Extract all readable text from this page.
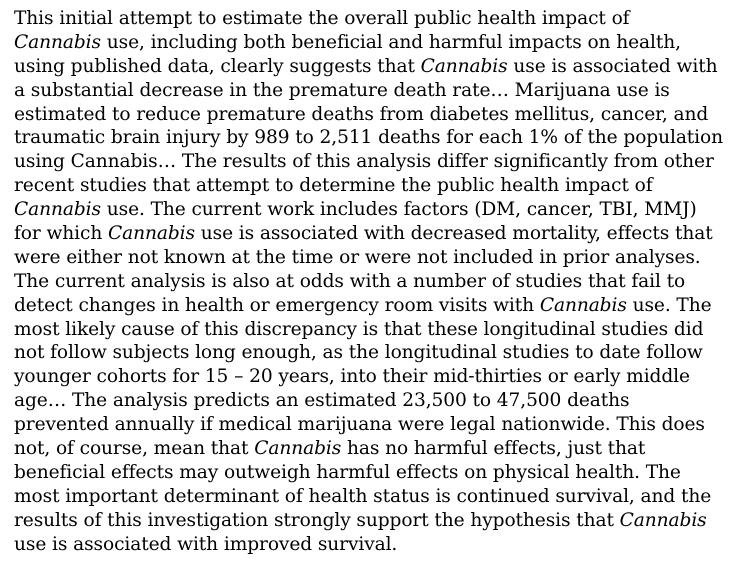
This initial attempt to estimate the overall public health impact of
Cannabis use, including both beneficial and harmful impacts on health,
using published data, clearly suggests that Cannabis use is associated with
a substantial decrease in the premature death rate… Marijuana use is
estimated to reduce premature deaths from diabetes mellitus, cancer, and
traumatic brain injury by 989 to 2,511 deaths for each 1% of the population
using Cannabis… The results of this analysis differ significantly from other
recent studies that attempt to determine the public health impact of
Cannabis use. The current work includes factors (DM, cancer, TBI, MMJ)
for which Cannabis use is associated with decreased mortality, effects that
were either not known at the time or were not included in prior analyses.
The current analysis is also at odds with a number of studies that fail to
detect changes in health or emergency room visits with Cannabis use. The
most likely cause of this discrepancy is that these longitudinal studies did
not follow subjects long enough, as the longitudinal studies to date follow
younger cohorts for 15 – 20 years, into their mid-thirties or early middle
age… The analysis predicts an estimated 23,500 to 47,500 deaths
prevented annually if medical marijuana were legal nationwide. This does
not, of course, mean that Cannabis has no harmful effects, just that
beneficial effects may outweigh harmful effects on physical health. The
most important determinant of health status is continued survival, and the
results of this investigation strongly support the hypothesis that Cannabis
use is associated with improved survival.
